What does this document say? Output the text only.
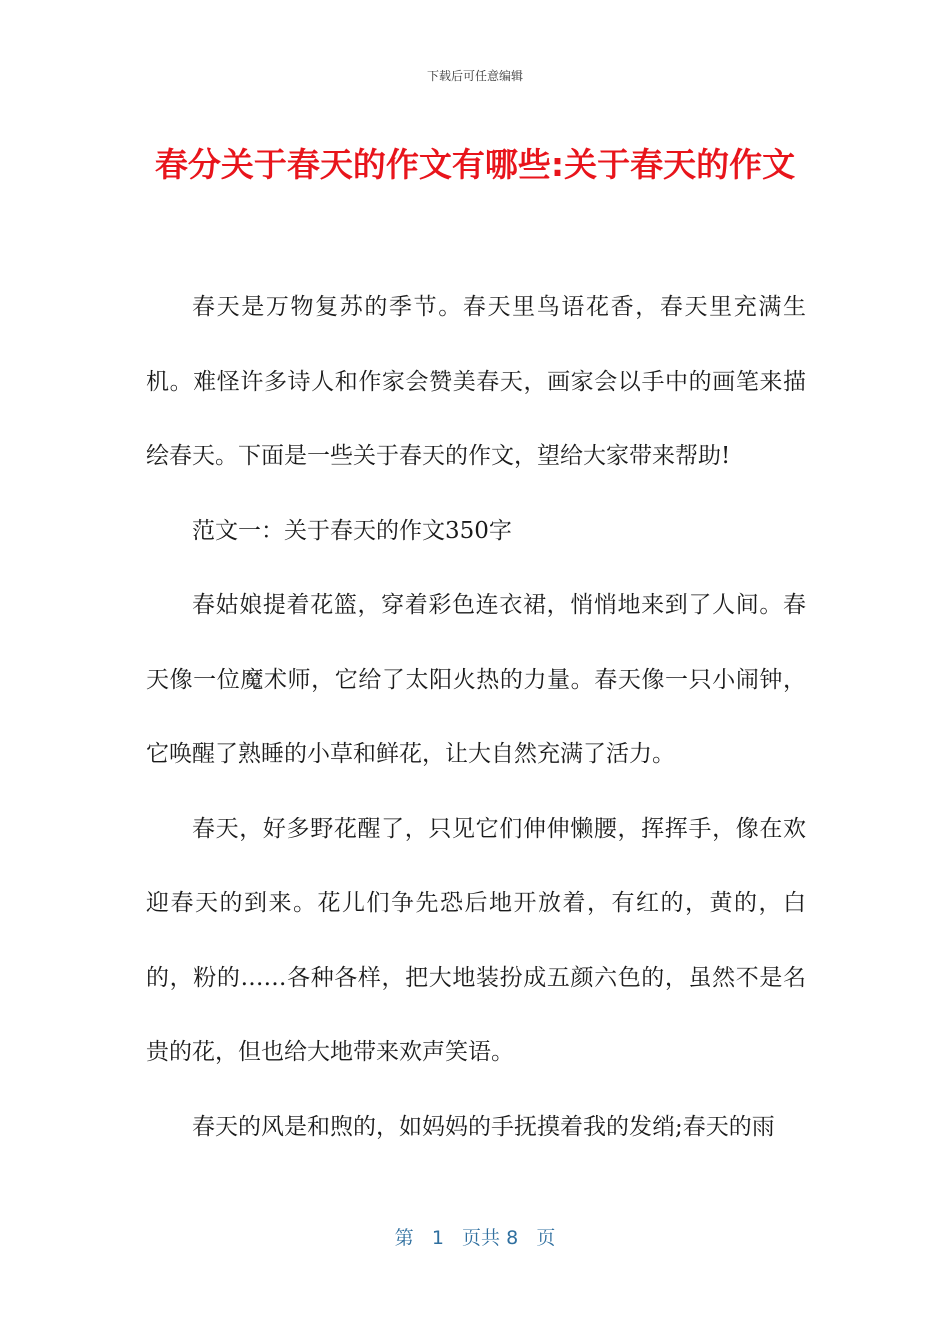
下载后可任意编辑
春分关于春天的作文有哪些:关于春天的作文

春天是万物复苏的季节。春天里鸟语花香，春天里充满生机。难怪许多诗人和作家会赞美春天，画家会以手中的画笔来描绘春天。下面是一些关于春天的作文，望给大家带来帮助!

范文一：关于春天的作文350字

春姑娘提着花篮，穿着彩色连衣裙，悄悄地来到了人间。春天像一位魔术师，它给了太阳火热的力量。春天像一只小闹钟，它唤醒了熟睡的小草和鲜花，让大自然充满了活力。

春天，好多野花醒了，只见它们伸伸懒腰，挥挥手，像在欢迎春天的到来。花儿们争先恐后地开放着，有红的，黄的，白的，粉的……各种各样，把大地装扮成五颜六色的，虽然不是名贵的花，但也给大地带来欢声笑语。

春天的风是和煦的，如妈妈的手抚摸着我的发绡;春天的雨

第 1 页共 8 页
